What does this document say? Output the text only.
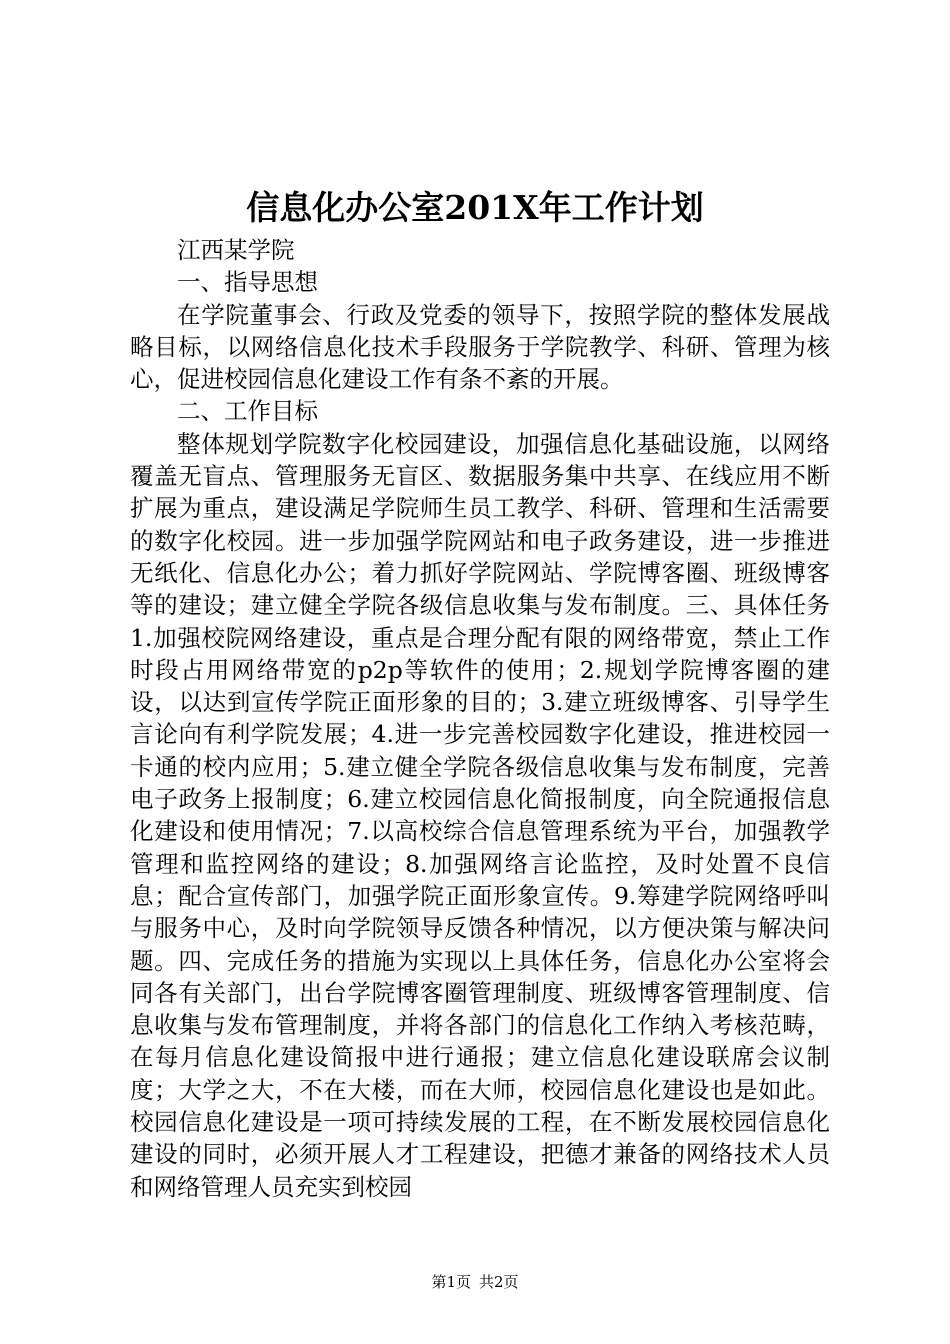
信息化办公室201X年工作计划

江西某学院

一、指导思想

在学院董事会、行政及党委的领导下，按照学院的整体发展战略目标，以网络信息化技术手段服务于学院教学、科研、管理为核心，促进校园信息化建设工作有条不紊的开展。

二、工作目标

整体规划学院数字化校园建设，加强信息化基础设施，以网络覆盖无盲点、管理服务无盲区、数据服务集中共享、在线应用不断扩展为重点，建设满足学院师生员工教学、科研、管理和生活需要的数字化校园。进一步加强学院网站和电子政务建设，进一步推进无纸化、信息化办公；着力抓好学院网站、学院博客圈、班级博客等的建设；建立健全学院各级信息收集与发布制度。三、具体任务1.加强校院网络建设，重点是合理分配有限的网络带宽，禁止工作时段占用网络带宽的p2p等软件的使用；2.规划学院博客圈的建设，以达到宣传学院正面形象的目的；3.建立班级博客、引导学生言论向有利学院发展；4.进一步完善校园数字化建设，推进校园一卡通的校内应用；5.建立健全学院各级信息收集与发布制度，完善电子政务上报制度；6.建立校园信息化简报制度，向全院通报信息化建设和使用情况；7.以高校综合信息管理系统为平台，加强教学管理和监控网络的建设；8.加强网络言论监控，及时处置不良信息；配合宣传部门，加强学院正面形象宣传。9.筹建学院网络呼叫与服务中心，及时向学院领导反馈各种情况，以方便决策与解决问题。四、完成任务的措施为实现以上具体任务，信息化办公室将会同各有关部门，出台学院博客圈管理制度、班级博客管理制度、信息收集与发布管理制度，并将各部门的信息化工作纳入考核范畴，在每月信息化建设简报中进行通报；建立信息化建设联席会议制度；大学之大，不在大楼，而在大师，校园信息化建设也是如此。校园信息化建设是一项可持续发展的工程，在不断发展校园信息化建设的同时，必须开展人才工程建设，把德才兼备的网络技术人员和网络管理人员充实到校园

第1页 共2页
